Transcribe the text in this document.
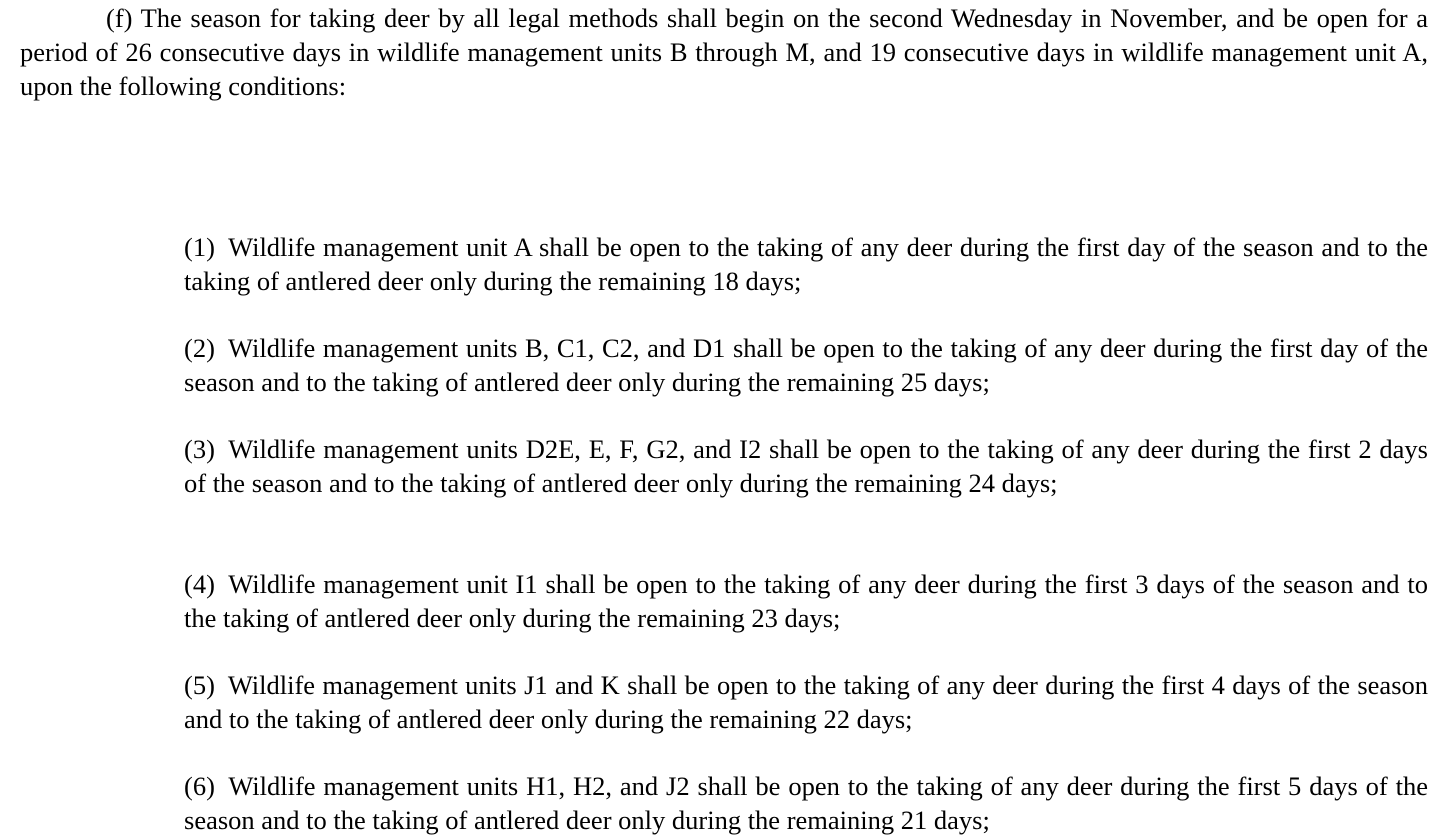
(f) The season for taking deer by all legal methods shall begin on the second Wednesday in November, and be open for a period of 26 consecutive days in wildlife management units B through M, and 19 consecutive days in wildlife management unit A, upon the following conditions:

(1) Wildlife management unit A shall be open to the taking of any deer during the first day of the season and to the taking of antlered deer only during the remaining 18 days;

(2) Wildlife management units B, C1, C2, and D1 shall be open to the taking of any deer during the first day of the season and to the taking of antlered deer only during the remaining 25 days;

(3) Wildlife management units D2E, E, F, G2, and I2 shall be open to the taking of any deer during the first 2 days of the season and to the taking of antlered deer only during the remaining 24 days;

(4) Wildlife management unit I1 shall be open to the taking of any deer during the first 3 days of the season and to the taking of antlered deer only during the remaining 23 days;

(5) Wildlife management units J1 and K shall be open to the taking of any deer during the first 4 days of the season and to the taking of antlered deer only during the remaining 22 days;

(6) Wildlife management units H1, H2, and J2 shall be open to the taking of any deer during the first 5 days of the season and to the taking of antlered deer only during the remaining 21 days;
